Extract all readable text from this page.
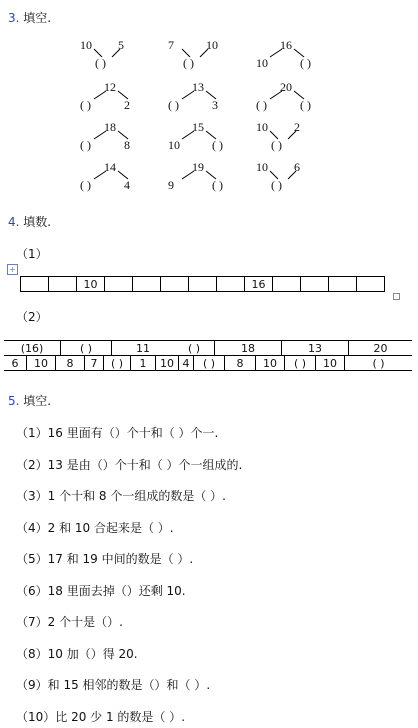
3. 填空.
10 5
( )
7	10
( )
16
10	( )
12
( )	2
13
( )	3
20
( )	( )
18
( )	8
15
10	( )
10 2
( )
14
( )	4
19
9	( )
10 6
( )
4. 填数.
（1）
+
		10						16				
（2）
(16)	( )	11	( )	18	13	20
6	10	8	7	( )	1	10	4	( )	8	10	( )	10	( )
5. 填空.
（1）16 里面有（）个十和（ ）个一.
（2）13 是由（）个十和（ ）个一组成的.
（3）1 个十和 8 个一组成的数是（ ）.
（4）2 和 10 合起来是（ ）.
（5）17 和 19 中间的数是（ ）.
（6）18 里面去掉（）还剩 10.
（7）2 个十是（）.
（8）10 加（）得 20.
（9）和 15 相邻的数是（）和（ ）.
（10）比 20 少 1 的数是（ ）.
